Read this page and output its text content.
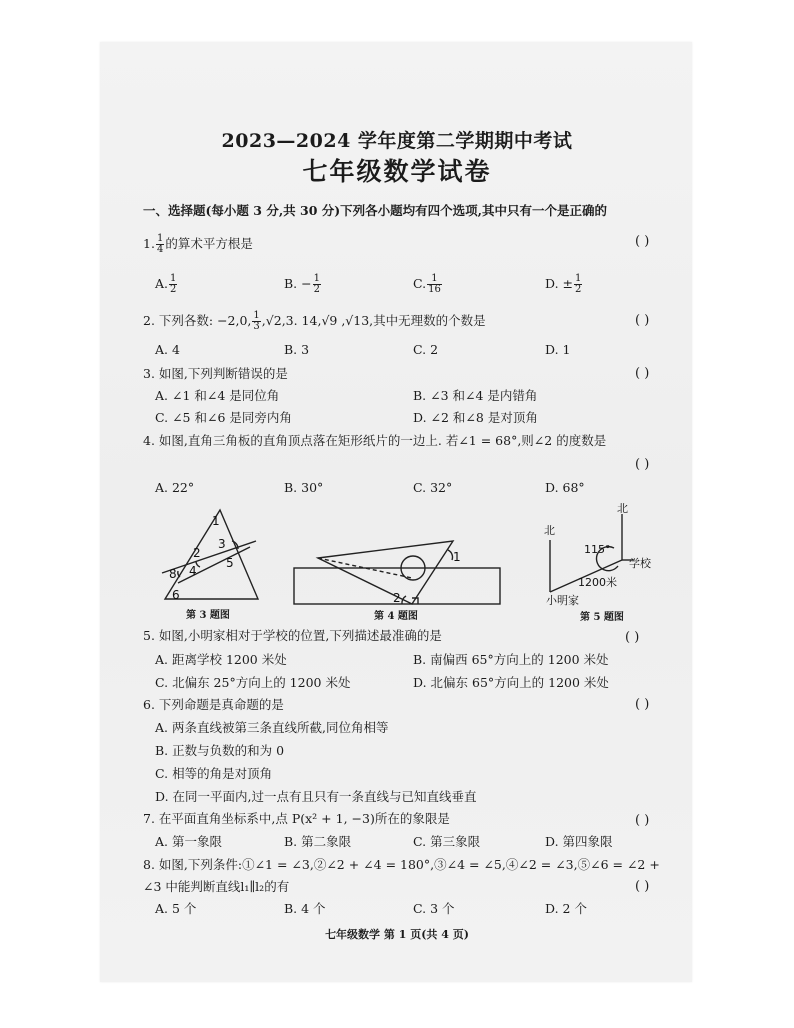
2023—2024 学年度第二学期期中考试
七年级数学试卷
一、选择题(每小题 3 分,共 30 分)下列各小题均有四个选项,其中只有一个是正确的
1. $\frac{1}{4}$ 的算术平方根是	( )
A. $\frac{1}{2}$	B. − $\frac{1}{2}$	C. $\frac{1}{16}$	D. ± $\frac{1}{2}$
2. 下列各数: −2,0, $\frac{1}{3} ,√2,3$. 14,√9 ,√13,其中无理数的个数是	( )
A. 4	B. 3	C. 2	D. 1
3. 如图,下列判断错误的是	( )
A. ∠1 和∠4 是同位角	B. ∠3 和∠4 是内错角
C. ∠5 和∠6 是同旁内角	D. ∠2 和∠8 是对顶角
4. 如图,直角三角板的直角顶点落在矩形纸片的一边上. 若∠1 = 68°,则∠2 的度数是
( )
A. 22°	B. 30°	C. 32°	D. 68°
1
2
3
4
5
6
8
第 3 题图
1
2
第 4 题图
北
北
115°
学校
1200米
小明家
第 5 题图
5. 如图,小明家相对于学校的位置,下列描述最准确的是	( )
A. 距离学校 1200 米处	B. 南偏西 65°方向上的 1200 米处
C. 北偏东 25°方向上的 1200 米处	D. 北偏东 65°方向上的 1200 米处
6. 下列命题是真命题的是	( )
A. 两条直线被第三条直线所截,同位角相等
B. 正数与负数的和为 0
C. 相等的角是对顶角
D. 在同一平面内,过一点有且只有一条直线与已知直线垂直
7. 在平面直角坐标系中,点 P(x² + 1, −3)所在的象限是	( )
A. 第一象限	B. 第二象限	C. 第三象限	D. 第四象限
8. 如图,下列条件:①∠1 = ∠3,②∠2 + ∠4 = 180°,③∠4 = ∠5,④∠2 = ∠3,⑤∠6 = ∠2 +
∠3 中能判断直线l₁∥l₂的有	( )
A. 5 个	B. 4 个	C. 3 个	D. 2 个
七年级数学 第 1 页(共 4 页)
